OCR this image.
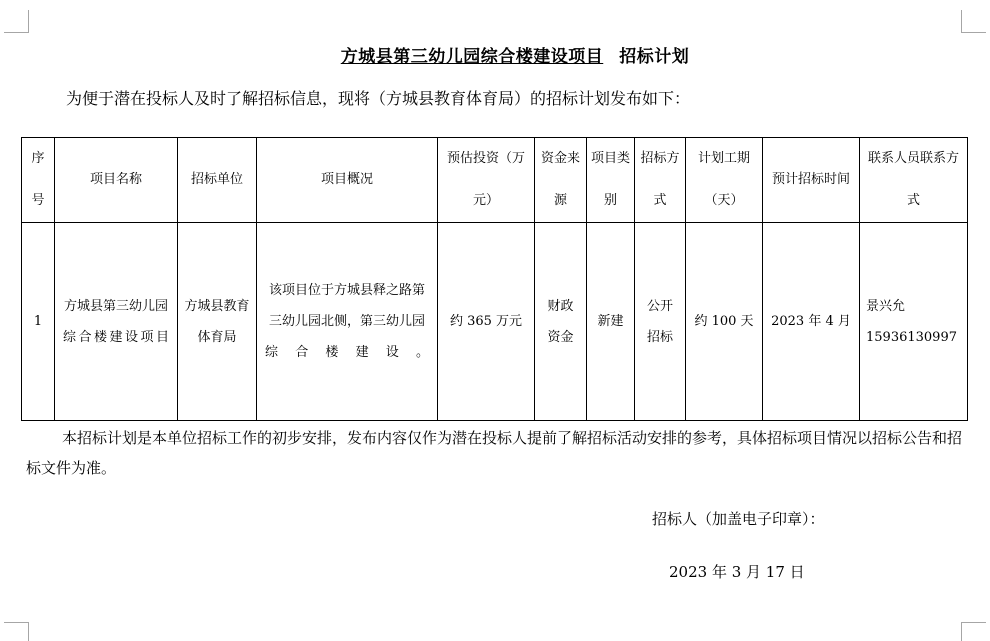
方城县第三幼儿园综合楼建设项目 招标计划
为便于潜在投标人及时了解招标信息，现将（方城县教育体育局）的招标计划发布如下：
序号	项目名称	招标单位	项目概况	预估投资（万元）	资金来源	项目类别	招标方式	计划工期（天）	预计招标时间	联系人员联系方式
1	方城县第三幼儿园综合楼建设项目	方城县教育体育局	该项目位于方城县释之路第三幼儿园北侧，第三幼儿园综合楼建设。	约 365 万元	财政资金	新建	公开招标	约 100 天	2023 年 4 月	景兴允
15936130997
本招标计划是本单位招标工作的初步安排，发布内容仅作为潜在投标人提前了解招标活动安排的参考，具体招标项目情况以招标公告和招标文件为准。
招标人（加盖电子印章）：
2023 年 3 月 17 日
